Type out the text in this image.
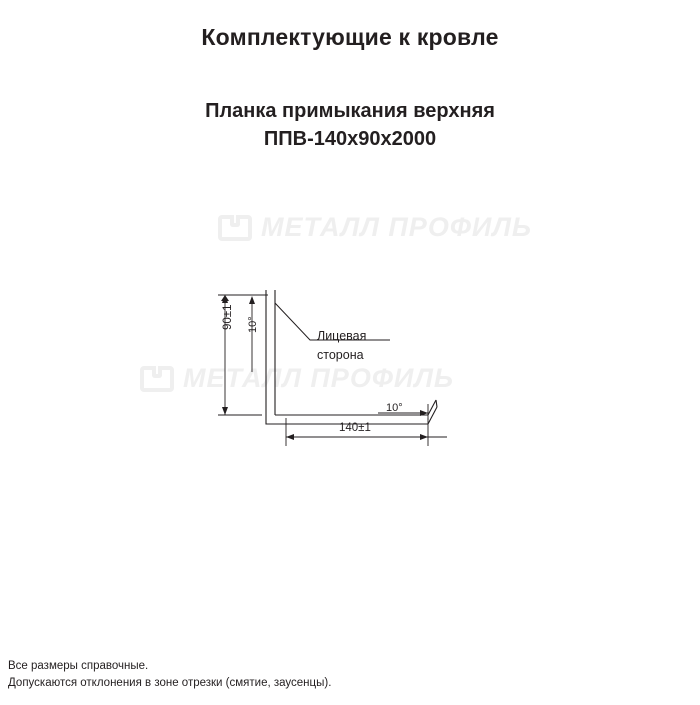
Комплектующие к кровле

Планка примыкания верхняя

ППВ-140х90х2000

МЕТАЛЛ ПРОФИЛЬ
МЕТАЛЛ ПРОФИЛЬ
90±1 10°
140±1
10°
Лицевая
сторона

Все размеры справочные.

Допускаются отклонения в зоне отрезки (смятие, заусенцы).
